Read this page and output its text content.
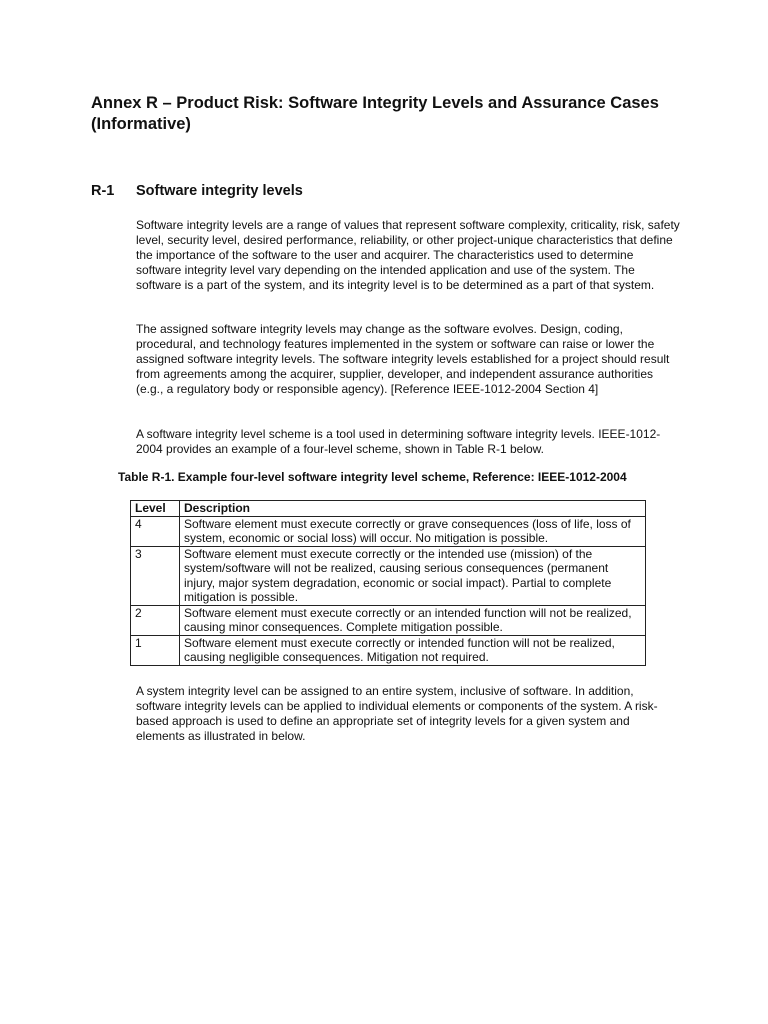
Annex R – Product Risk: Software Integrity Levels and Assurance Cases (Informative)
R-1 Software integrity levels

Software integrity levels are a range of values that represent software complexity, criticality, risk, safety level, security level, desired performance, reliability, or other project-unique characteristics that define the importance of the software to the user and acquirer. The characteristics used to determine software integrity level vary depending on the intended application and use of the system. The software is a part of the system, and its integrity level is to be determined as a part of that system.

The assigned software integrity levels may change as the software evolves. Design, coding, procedural, and technology features implemented in the system or software can raise or lower the assigned software integrity levels. The software integrity levels established for a project should result from agreements among the acquirer, supplier, developer, and independent assurance authorities (e.g., a regulatory body or responsible agency). [Reference IEEE-1012-2004 Section 4]

A software integrity level scheme is a tool used in determining software integrity levels. IEEE-1012-2004 provides an example of a four-level scheme, shown in Table R-1 below.

Table R-1. Example four-level software integrity level scheme, Reference: IEEE-1012-2004

Level	Description
4	Software element must execute correctly or grave consequences (loss of life, loss of system, economic or social loss) will occur. No mitigation is possible.
3	Software element must execute correctly or the intended use (mission) of the system/software will not be realized, causing serious consequences (permanent injury, major system degradation, economic or social impact). Partial to complete mitigation is possible.
2	Software element must execute correctly or an intended function will not be realized, causing minor consequences. Complete mitigation possible.
1	Software element must execute correctly or intended function will not be realized, causing negligible consequences. Mitigation not required.

A system integrity level can be assigned to an entire system, inclusive of software. In addition, software integrity levels can be applied to individual elements or components of the system. A risk-based approach is used to define an appropriate set of integrity levels for a given system and elements as illustrated in below.
